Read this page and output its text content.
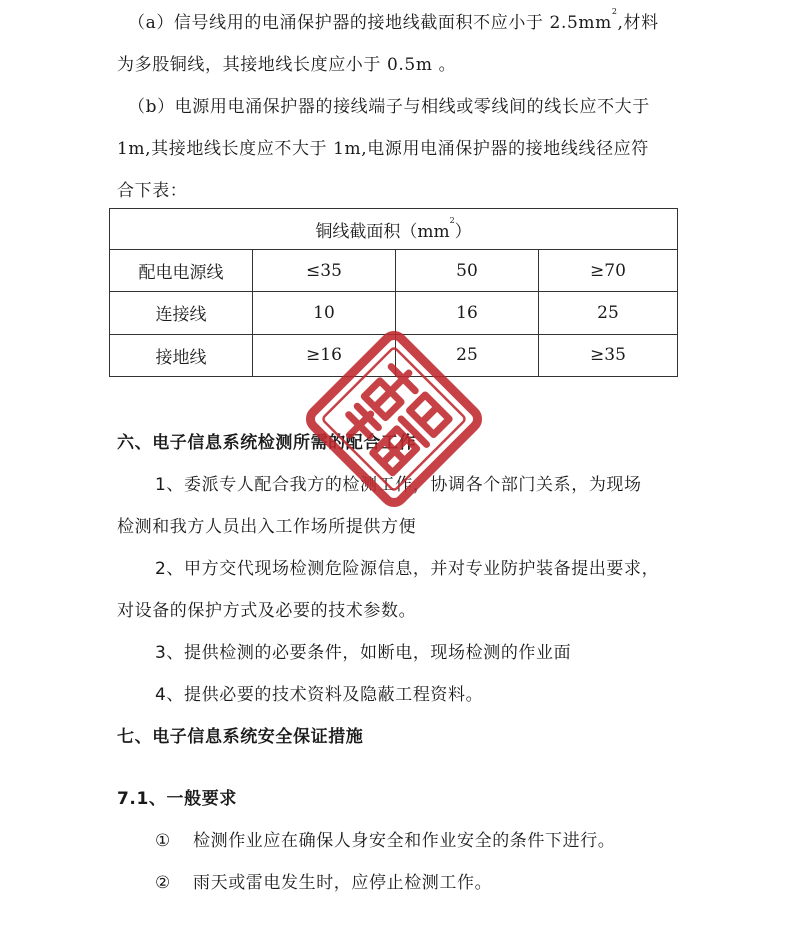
（a）信号线用的电涌保护器的接地线截面积不应小于 $2.5mm^2$,材料
为多股铜线，其接地线长度应小于 0.5m 。
（b）电源用电涌保护器的接线端子与相线或零线间的线长应不大于
1m,其接地线长度应不大于 1m,电源用电涌保护器的接地线线径应符
合下表：
铜线截面积$(mm^2)$			
配电电源线	≤35	50	≥70
连接线	10	16	25
接地线	≥16	25	≥35
六、电子信息系统检测所需的配合工作
1、委派专人配合我方的检测工作，协调各个部门关系，为现场
检测和我方人员出入工作场所提供方便
2、甲方交代现场检测危险源信息，并对专业防护装备提出要求，
对设备的保护方式及必要的技术参数。
3、提供检测的必要条件，如断电，现场检测的作业面
4、提供必要的技术资料及隐蔽工程资料。
七、电子信息系统安全保证措施
7.1、一般要求
① 检测作业应在确保人身安全和作业安全的条件下进行。
② 雨天或雷电发生时，应停止检测工作。
